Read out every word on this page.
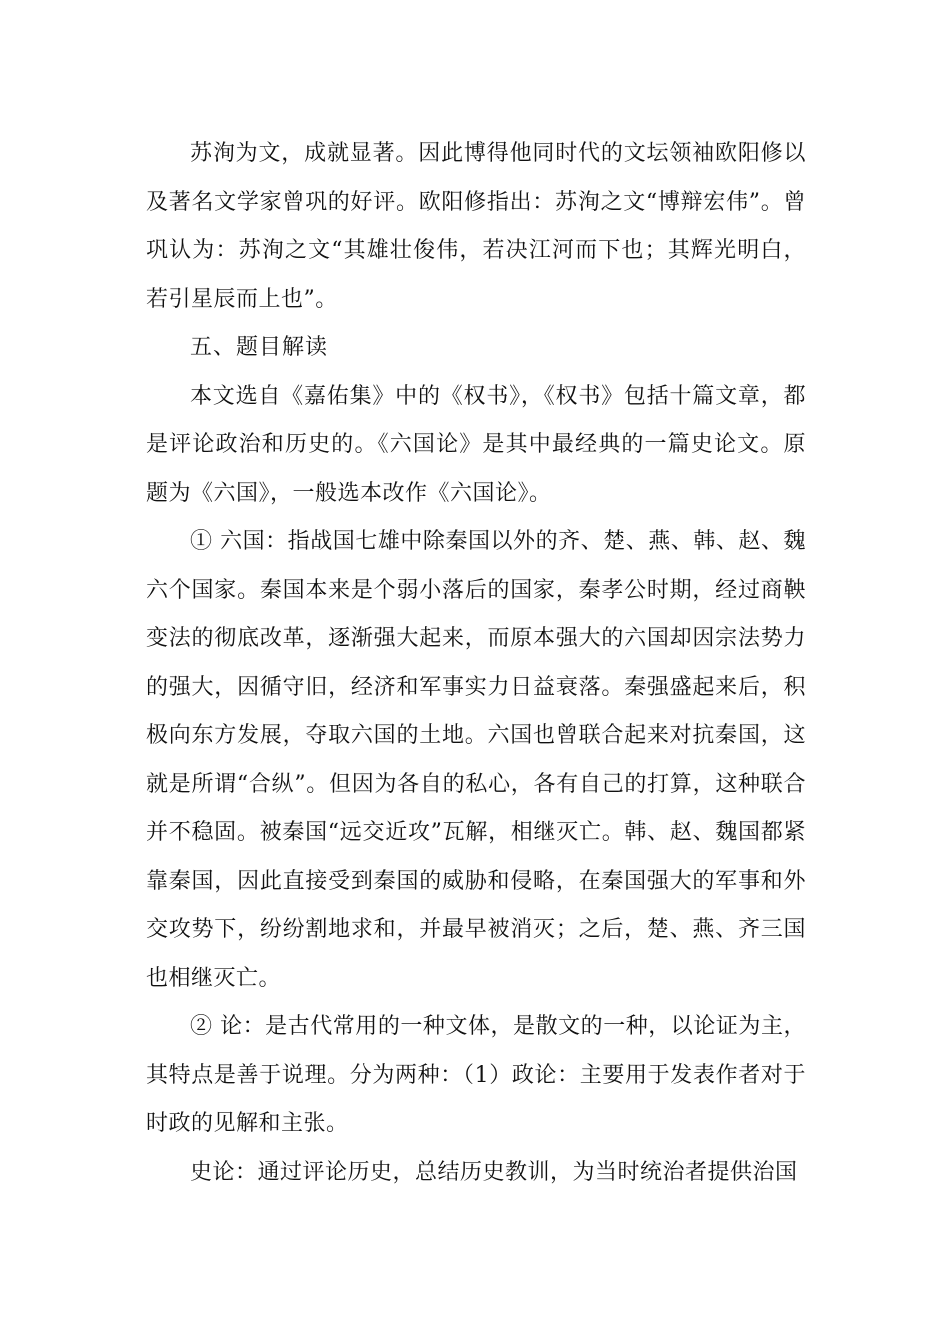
苏洵为文，成就显著。因此博得他同时代的文坛领袖欧阳修以及著名文学家曾巩的好评。欧阳修指出：苏洵之文“博辩宏伟”。曾巩认为：苏洵之文“其雄壮俊伟，若决江河而下也；其辉光明白，若引星辰而上也”。

五、题目解读

本文选自《嘉佑集》中的《权书》，《权书》包括十篇文章，都是评论政治和历史的。《六国论》是其中最经典的一篇史论文。原题为《六国》，一般选本改作《六国论》。

① 六国：指战国七雄中除秦国以外的齐、楚、燕、韩、赵、魏六个国家。秦国本来是个弱小落后的国家，秦孝公时期，经过商鞅变法的彻底改革，逐渐强大起来，而原本强大的六国却因宗法势力的强大，因循守旧，经济和军事实力日益衰落。秦强盛起来后，积极向东方发展，夺取六国的土地。六国也曾联合起来对抗秦国，这就是所谓“合纵”。但因为各自的私心，各有自己的打算，这种联合并不稳固。被秦国“远交近攻”瓦解，相继灭亡。韩、赵、魏国都紧靠秦国，因此直接受到秦国的威胁和侵略，在秦国强大的军事和外交攻势下，纷纷割地求和，并最早被消灭；之后，楚、燕、齐三国也相继灭亡。

② 论：是古代常用的一种文体，是散文的一种，以论证为主，其特点是善于说理。分为两种：（1）政论：主要用于发表作者对于时政的见解和主张。

史论：通过评论历史，总结历史教训，为当时统治者提供治国
